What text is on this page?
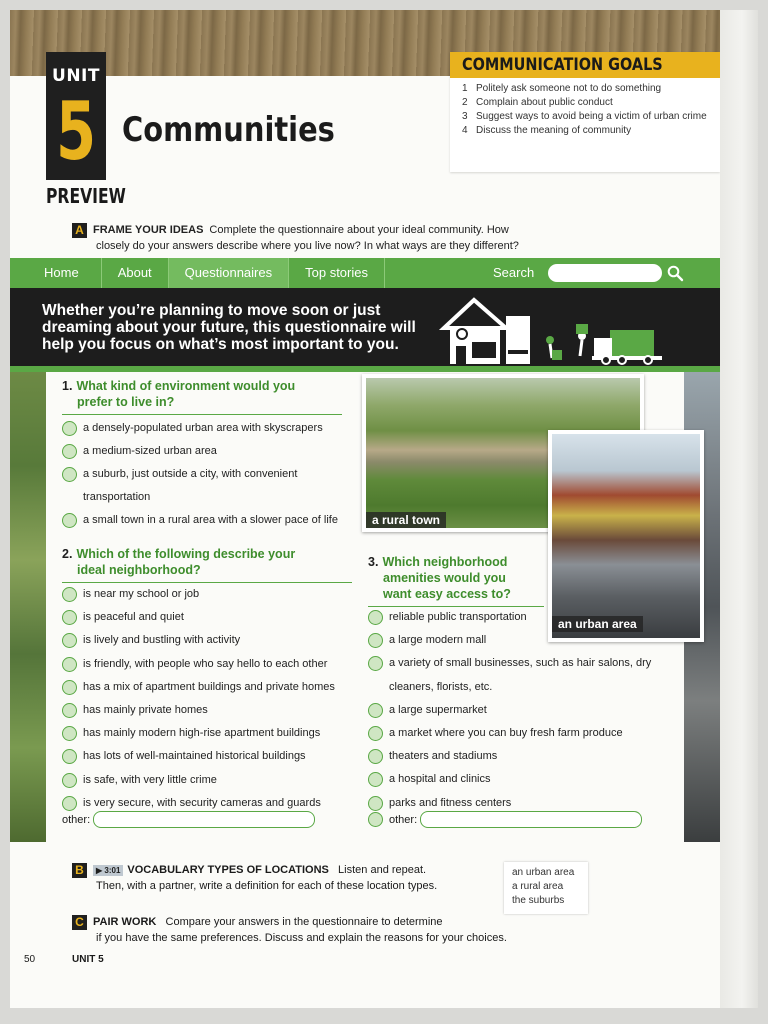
UNIT
5 Communities
PREVIEW
COMMUNICATION GOALS
1 Politely ask someone not to do something
2 Complain about public conduct
3 Suggest ways to avoid being a victim of urban crime
4 Discuss the meaning of community
A FRAME YOUR IDEAS Complete the questionnaire about your ideal community. How
closely do your answers describe where you live now? In what ways are they different?
Home	About	Questionnaires	Top stories	Search
Whether you’re planning to move soon or just dreaming about your future, this questionnaire will help you focus on what’s most important to you.
1. What kind of environment would you
prefer to live in?
a densely-populated urban area with skyscrapers
a medium-sized urban area
a suburb, just outside a city, with convenient
transportation
a small town in a rural area with a slower pace of life
2. Which of the following describe your
ideal neighborhood?
is near my school or job
is peaceful and quiet
is lively and bustling with activity
is friendly, with people who say hello to each other
has a mix of apartment buildings and private homes
has mainly private homes
has mainly modern high-rise apartment buildings
has lots of well-maintained historical buildings
is safe, with very little crime
is very secure, with security cameras and guards
other:
a rural town
an urban area
3. Which neighborhood
amenities would you
want easy access to?
reliable public transportation
a large modern mall
a variety of small businesses, such as hair salons, dry
cleaners, florists, etc.
a large supermarket
a market where you can buy fresh farm produce
theaters and stadiums
a hospital and clinics
parks and fitness centers
other:
B ▶ 3:01 VOCABULARY TYPES OF LOCATIONS Listen and repeat.
Then, with a partner, write a definition for each of these location types.
an urban area
a rural area
the suburbs
C PAIR WORK Compare your answers in the questionnaire to determine
if you have the same preferences. Discuss and explain the reasons for your choices.
50	UNIT 5
